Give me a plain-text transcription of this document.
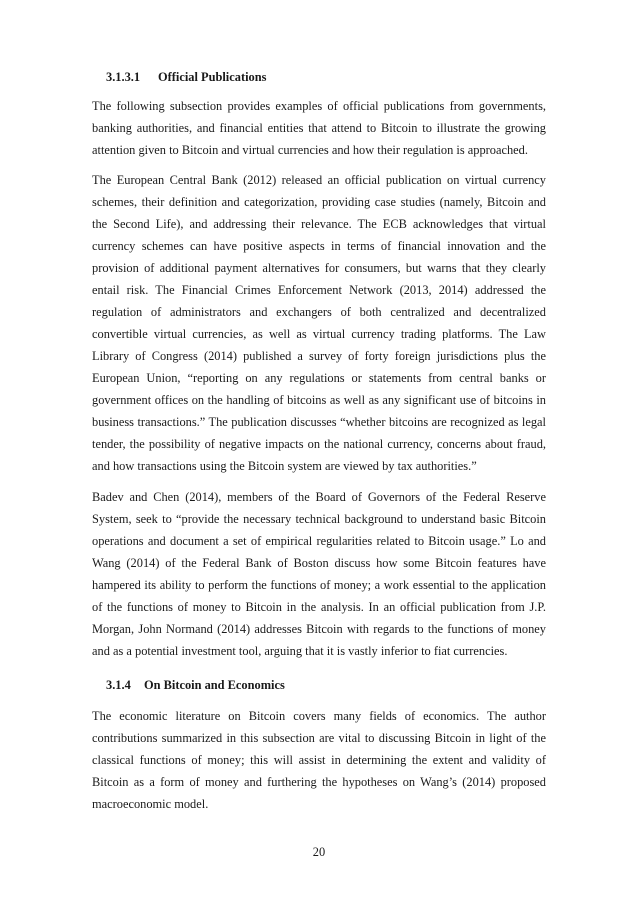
3.1.3.1 Official Publications
The following subsection provides examples of official publications from governments,
banking authorities, and financial entities that attend to Bitcoin to illustrate the growing
attention given to Bitcoin and virtual currencies and how their regulation is approached.
The European Central Bank (2012) released an official publication on virtual currency
schemes, their definition and categorization, providing case studies (namely, Bitcoin and
the Second Life), and addressing their relevance. The ECB acknowledges that virtual
currency schemes can have positive aspects in terms of financial innovation and the
provision of additional payment alternatives for consumers, but warns that they clearly
entail risk. The Financial Crimes Enforcement Network (2013, 2014) addressed the
regulation of administrators and exchangers of both centralized and decentralized
convertible virtual currencies, as well as virtual currency trading platforms. The Law
Library of Congress (2014) published a survey of forty foreign jurisdictions plus the
European Union, “reporting on any regulations or statements from central banks or
government offices on the handling of bitcoins as well as any significant use of bitcoins in
business transactions.” The publication discusses “whether bitcoins are recognized as legal
tender, the possibility of negative impacts on the national currency, concerns about fraud,
and how transactions using the Bitcoin system are viewed by tax authorities.”
Badev and Chen (2014), members of the Board of Governors of the Federal Reserve
System, seek to “provide the necessary technical background to understand basic Bitcoin
operations and document a set of empirical regularities related to Bitcoin usage.” Lo and
Wang (2014) of the Federal Bank of Boston discuss how some Bitcoin features have
hampered its ability to perform the functions of money; a work essential to the application
of the functions of money to Bitcoin in the analysis. In an official publication from J.P.
Morgan, John Normand (2014) addresses Bitcoin with regards to the functions of money
and as a potential investment tool, arguing that it is vastly inferior to fiat currencies.
3.1.4 On Bitcoin and Economics
The economic literature on Bitcoin covers many fields of economics. The author
contributions summarized in this subsection are vital to discussing Bitcoin in light of the
classical functions of money; this will assist in determining the extent and validity of
Bitcoin as a form of money and furthering the hypotheses on Wang’s (2014) proposed
macroeconomic model.
20
